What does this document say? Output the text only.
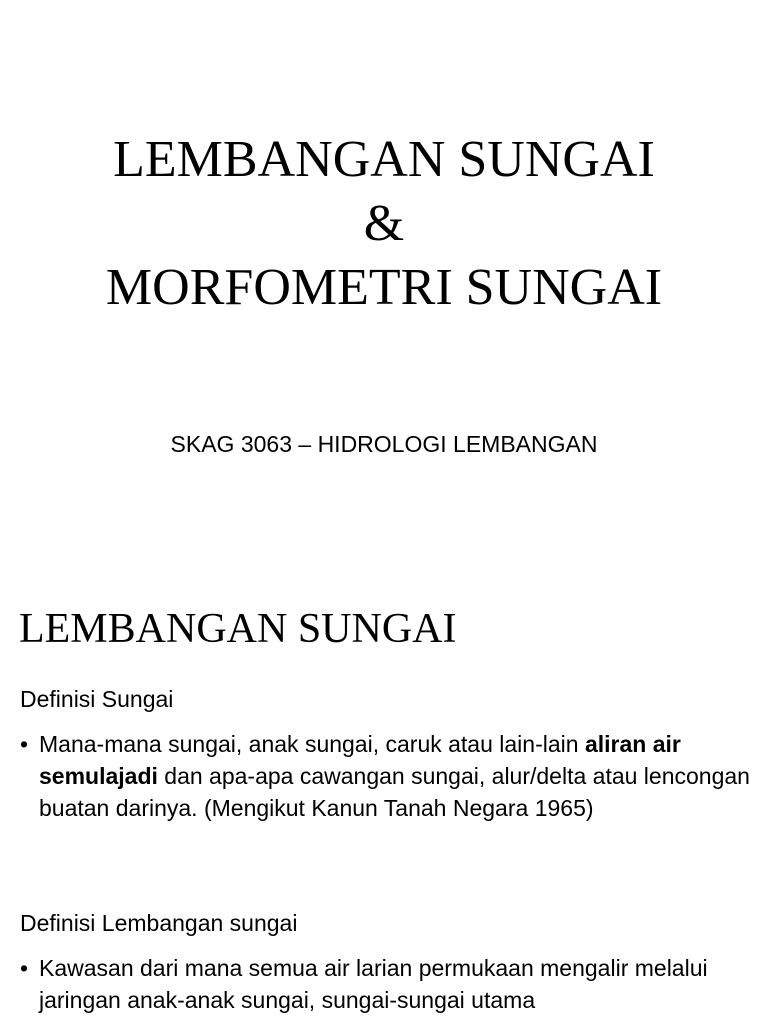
LEMBANGAN SUNGAI
&
MORFOMETRI SUNGAI

SKAG 3063 – HIDROLOGI LEMBANGAN

LEMBANGAN SUNGAI
Definisi Sungai
• Mana-mana sungai, anak sungai, caruk atau lain-lain aliran air semulajadi dan apa-apa cawangan sungai, alur/delta atau lencongan buatan darinya. (Mengikut Kanun Tanah Negara 1965)
Definisi Lembangan sungai
• Kawasan dari mana semua air larian permukaan mengalir melalui jaringan anak-anak sungai, sungai-sungai utama
